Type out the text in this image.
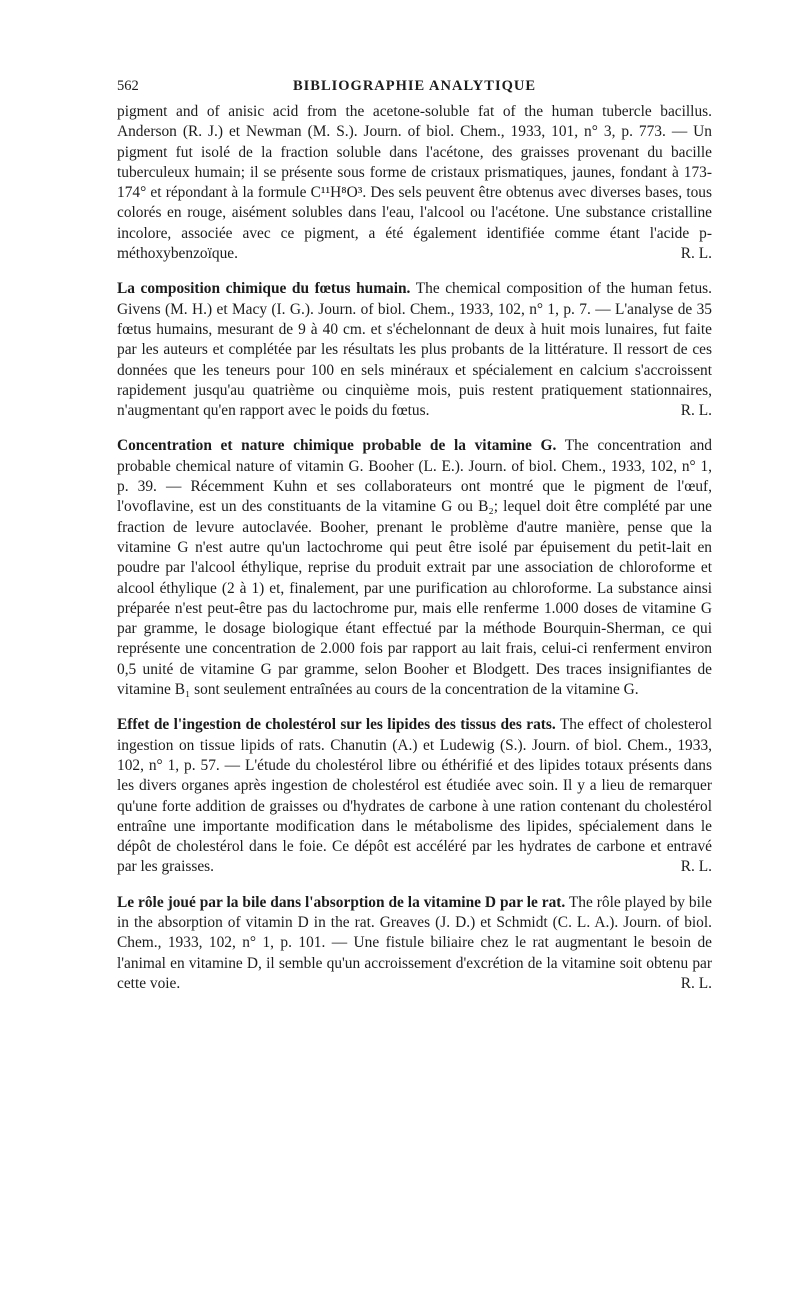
562	BIBLIOGRAPHIE ANALYTIQUE

pigment and of anisic acid from the acetone-soluble fat of the human tubercle bacillus. Anderson (R. J.) et Newman (M. S.). Journ. of biol. Chem., 1933, 101, n° 3, p. 773. — Un pigment fut isolé de la fraction soluble dans l'acétone, des graisses provenant du bacille tuberculeux humain; il se présente sous forme de cristaux prismatiques, jaunes, fondant à 173-174° et répondant à la formule C¹¹H⁸O³. Des sels peuvent être obtenus avec diverses bases, tous colorés en rouge, aisément solubles dans l'eau, l'alcool ou l'acétone. Une substance cristalline incolore, associée avec ce pigment, a été également identifiée comme étant l'acide p-méthoxybenzoïque.	R. L.

La composition chimique du fœtus humain. The chemical composition of the human fetus. Givens (M. H.) et Macy (I. G.). Journ. of biol. Chem., 1933, 102, n° 1, p. 7. — L'analyse de 35 fœtus humains, mesurant de 9 à 40 cm. et s'échelonnant de deux à huit mois lunaires, fut faite par les auteurs et complétée par les résultats les plus probants de la littérature. Il ressort de ces données que les teneurs pour 100 en sels minéraux et spécialement en calcium s'accroissent rapidement jusqu'au quatrième ou cinquième mois, puis restent pratiquement stationnaires, n'augmentant qu'en rapport avec le poids du fœtus.	R. L.

Concentration et nature chimique probable de la vitamine G. The concentration and probable chemical nature of vitamin G. Booher (L. E.). Journ. of biol. Chem., 1933, 102, n° 1, p. 39. — Récemment Kuhn et ses collaborateurs ont montré que le pigment de l'œuf, l'ovoflavine, est un des constituants de la vitamine G ou B₂; lequel doit être complété par une fraction de levure autoclavée. Booher, prenant le problème d'autre manière, pense que la vitamine G n'est autre qu'un lactochrome qui peut être isolé par épuisement du petit-lait en poudre par l'alcool éthylique, reprise du produit extrait par une association de chloroforme et alcool éthylique (2 à 1) et, finalement, par une purification au chloroforme. La substance ainsi préparée n'est peut-être pas du lactochrome pur, mais elle renferme 1.000 doses de vitamine G par gramme, le dosage biologique étant effectué par la méthode Bourquin-Sherman, ce qui représente une concentration de 2.000 fois par rapport au lait frais, celui-ci renferment environ 0,5 unité de vitamine G par gramme, selon Booher et Blodgett. Des traces insignifiantes de vitamine B₁ sont seulement entraînées au cours de la concentration de la vitamine G.

Effet de l'ingestion de cholestérol sur les lipides des tissus des rats. The effect of cholesterol ingestion on tissue lipids of rats. Chanutin (A.) et Ludewig (S.). Journ. of biol. Chem., 1933, 102, n° 1, p. 57. — L'étude du cholestérol libre ou éthérifié et des lipides totaux présents dans les divers organes après ingestion de cholestérol est étudiée avec soin. Il y a lieu de remarquer qu'une forte addition de graisses ou d'hydrates de carbone à une ration contenant du cholestérol entraîne une importante modification dans le métabolisme des lipides, spécialement dans le dépôt de cholestérol dans le foie. Ce dépôt est accéléré par les hydrates de carbone et entravé par les graisses.	R. L.

Le rôle joué par la bile dans l'absorption de la vitamine D par le rat. The rôle played by bile in the absorption of vitamin D in the rat. Greaves (J. D.) et Schmidt (C. L. A.). Journ. of biol. Chem., 1933, 102, n° 1, p. 101. — Une fistule biliaire chez le rat augmentant le besoin de l'animal en vitamine D, il semble qu'un accroissement d'excrétion de la vitamine soit obtenu par cette voie.	R. L.
